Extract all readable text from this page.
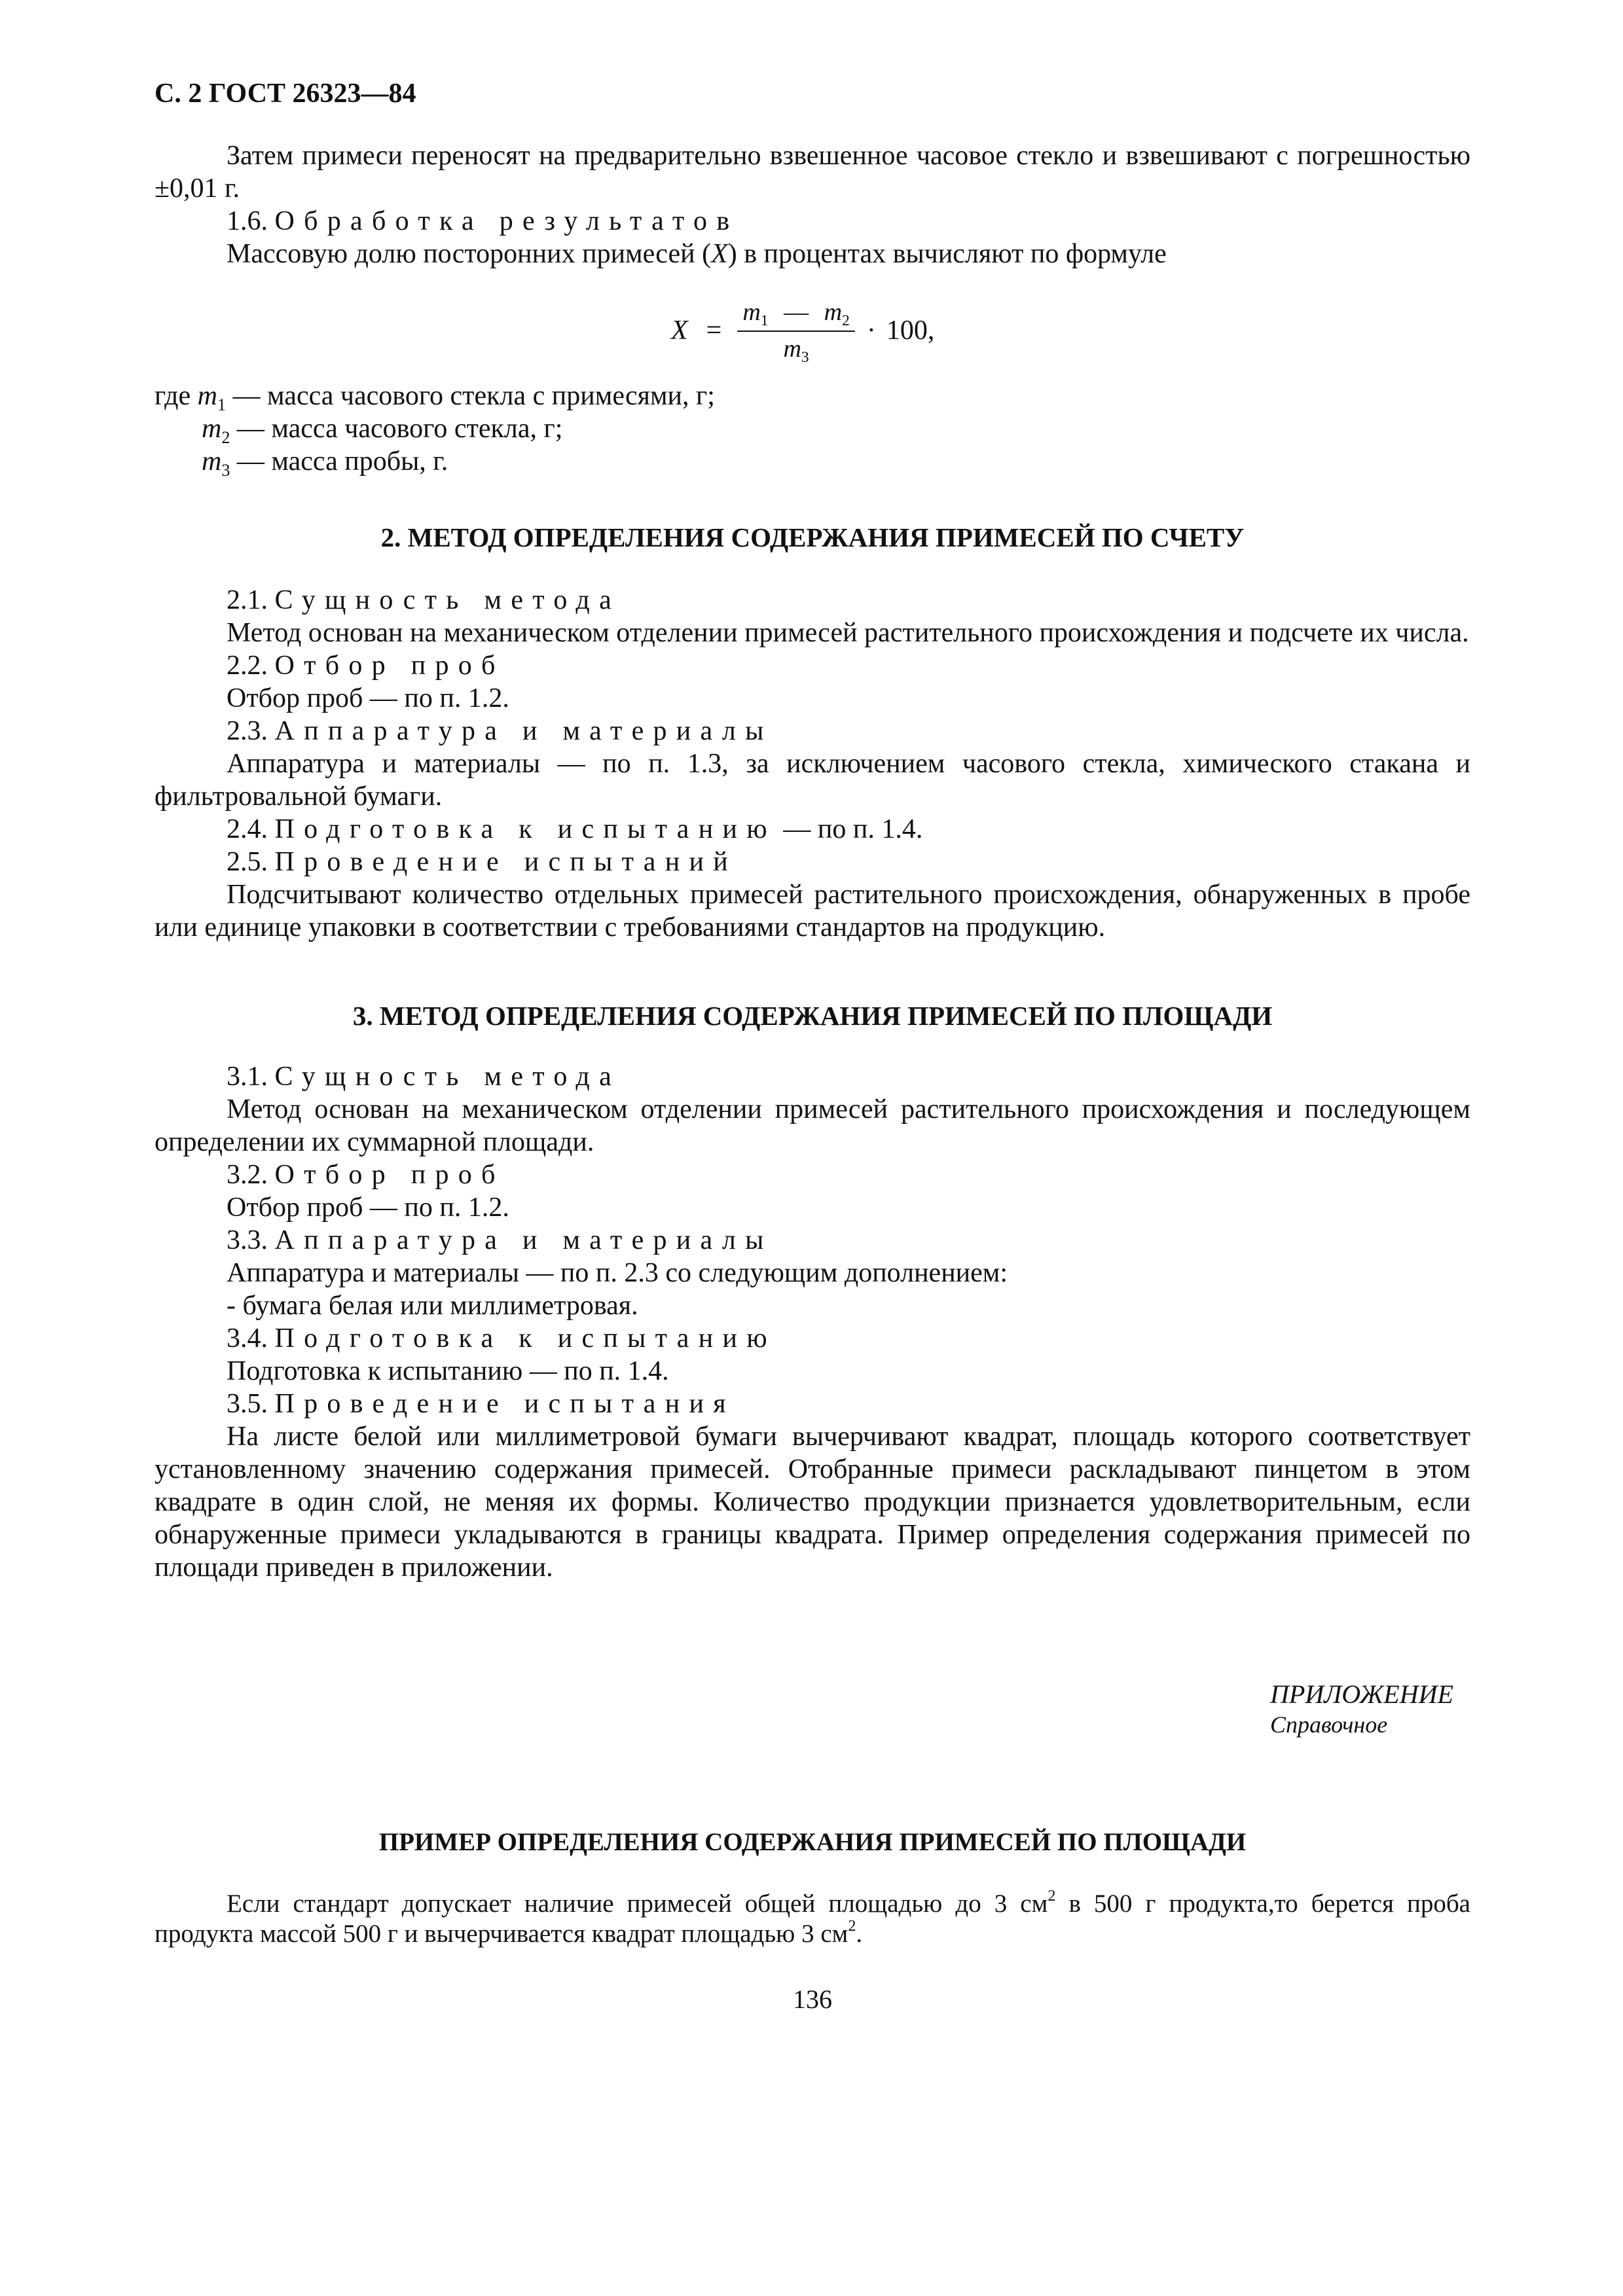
С. 2 ГОСТ 26323—84

Затем примеси переносят на предварительно взвешенное часовое стекло и взвешивают с погрешностью ±0,01 г.

1.6. Обработка результатов

Массовую долю посторонних примесей (X) в процентах вычисляют по формуле

$X = \frac{m_1 — m_2}{m_3} \cdot 100$,

где $m_1$ — масса часового стекла с примесями, г;

$m_2$ — масса часового стекла, г;

$m_3$ — масса пробы, г.

2. МЕТОД ОПРЕДЕЛЕНИЯ СОДЕРЖАНИЯ ПРИМЕСЕЙ ПО СЧЕТУ

2.1. Сущность метода

Метод основан на механическом отделении примесей растительного происхождения и подсчете их числа.

2.2. Отбор проб

Отбор проб — по п. 1.2.

2.3. Аппаратура и материалы

Аппаратура и материалы — по п. 1.3, за исключением часового стекла, химического стакана и фильтровальной бумаги.

2.4. Подготовка к испытанию — по п. 1.4.

2.5. Проведение испытаний

Подсчитывают количество отдельных примесей растительного происхождения, обнаруженных в пробе или единице упаковки в соответствии с требованиями стандартов на продукцию.

3. МЕТОД ОПРЕДЕЛЕНИЯ СОДЕРЖАНИЯ ПРИМЕСЕЙ ПО ПЛОЩАДИ

3.1. Сущность метода

Метод основан на механическом отделении примесей растительного происхождения и последующем определении их суммарной площади.

3.2. Отбор проб

Отбор проб — по п. 1.2.

3.3. Аппаратура и материалы

Аппаратура и материалы — по п. 2.3 со следующим дополнением:

- бумага белая или миллиметровая.

3.4. Подготовка к испытанию

Подготовка к испытанию — по п. 1.4.

3.5. Проведение испытания

На листе белой или миллиметровой бумаги вычерчивают квадрат, площадь которого соответствует установленному значению содержания примесей. Отобранные примеси раскладывают пинцетом в этом квадрате в один слой, не меняя их формы. Количество продукции признается удовлетворительным, если обнаруженные примеси укладываются в границы квадрата. Пример определения содержания примесей по площади приведен в приложении.

ПРИЛОЖЕНИЕ
Справочное

ПРИМЕР ОПРЕДЕЛЕНИЯ СОДЕРЖАНИЯ ПРИМЕСЕЙ ПО ПЛОЩАДИ

Если стандарт допускает наличие примесей общей площадью до 3 $см^2$ в 500 г продукта,то берется проба продукта массой 500 г и вычерчивается квадрат площадью 3 $см^2$.

136
